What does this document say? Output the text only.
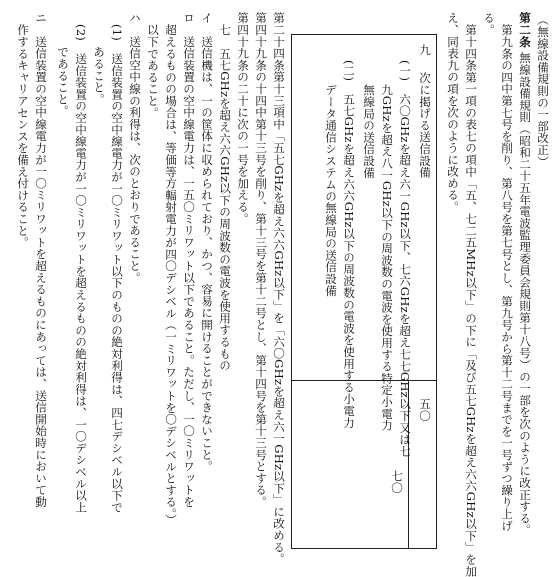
（無線設備規則の一部改正）
第二条
無線設備規則（昭和二十五年電波監理委員会規則第十八号）の一部を次のように改正する。
第九条の四中第七号を削り、第八号を第七号とし、第九号から第十二号までを一号ずつ繰り上げ
る。
第十四条第一項の表七の項中「五、七二五MHz以下」の下に「及び五七GHzを超え六六GHz以下」を加
え、同表九の項を次のように改める。
九
次に掲げる送信設備
(一)　六〇GHzを超え六一GHz以下、七六GHzを超え七七GHz以下又は七
九GHzを超え八一GHz以下の周波数の電波を使用する特定小電力
無線局の送信設備
(二)　五七GHzを超え六六GHz以下の周波数の電波を使用する小電力
データ通信システムの無線局の送信設備
五〇
七〇
第二十四条第十三項中「五七GHzを超え六六GHz以下」を「六〇GHzを超え六一GHz以下」に改める。
第四十九条の十四中第十三号を削り、第十三号を第十二号とし、第十四号を第十三号とする。
第四十九条の二十に次の一号を加える。
七　五七GHzを超え六六GHz以下の周波数の電波を使用するもの
イ　送信機は、一の筐体に収められており、かつ、容易に開けることができないこと。
ロ　送信装置の空中線電力は、一五〇ミリワット以下であること。ただし、一〇ミリワットを
超えるものの場合は、等価等方輻射電力が四〇デシベル（一ミリワットを〇デシベルとする。）
以下であること。
ハ　送信空中線の利得は、次のとおりであること。
(1)　送信装置の空中線電力が一〇ミリワット以下のものの絶対利得は、四七デシベル以下で
あること。
(2)　送信装置の空中線電力が一〇ミリワットを超えるものの絶対利得は、一〇デシベル以上
であること。
ニ　送信装置の空中線電力が一〇ミリワットを超えるものにあっては、送信開始時において動
作するキャリアセンスを備え付けること。
